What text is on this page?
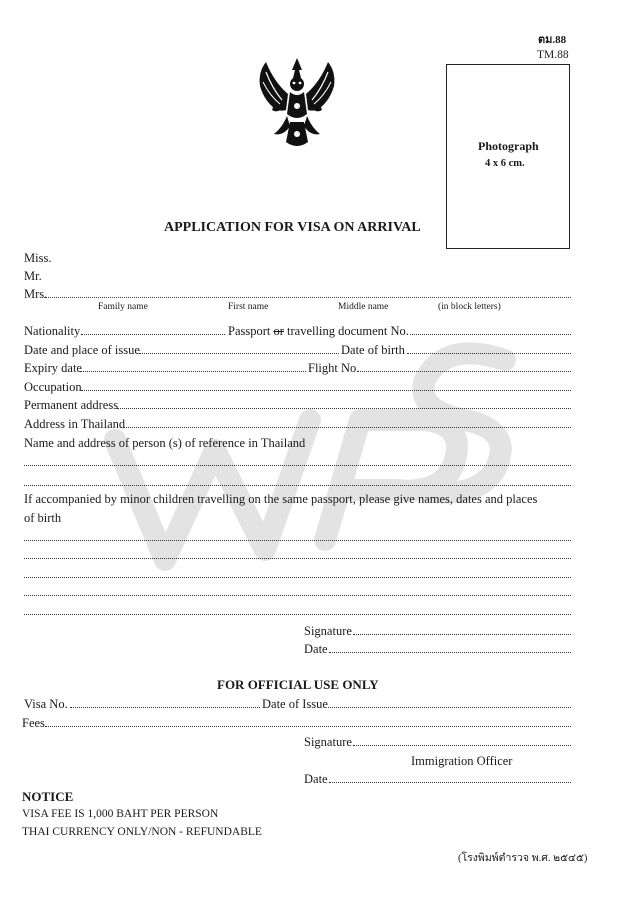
ตม.88
TM.88
Photograph
4 x 6 cm.
APPLICATION FOR VISA ON ARRIVAL
Miss.
Mr.
Mrs.
Family name	First name	Middle name	(in block letters)
Nationality	Passport or travelling document No.
Date and place of issue	Date of birth
Expiry date	Flight No.
Occupation
Permanent address
Address in Thailand
Name and address of person (s) of reference in Thailand
If accompanied by minor children travelling on the same passport, please give names, dates and places
of birth
Signature
Date
FOR OFFICIAL USE ONLY
Visa No.	Date of Issue
Fees
Signature
Immigration Officer
Date
NOTICE
VISA FEE IS 1,000 BAHT PER PERSON
THAI CURRENCY ONLY/NON - REFUNDABLE
(โรงพิมพ์ตำรวจ พ.ศ. ๒๕๔๕)
